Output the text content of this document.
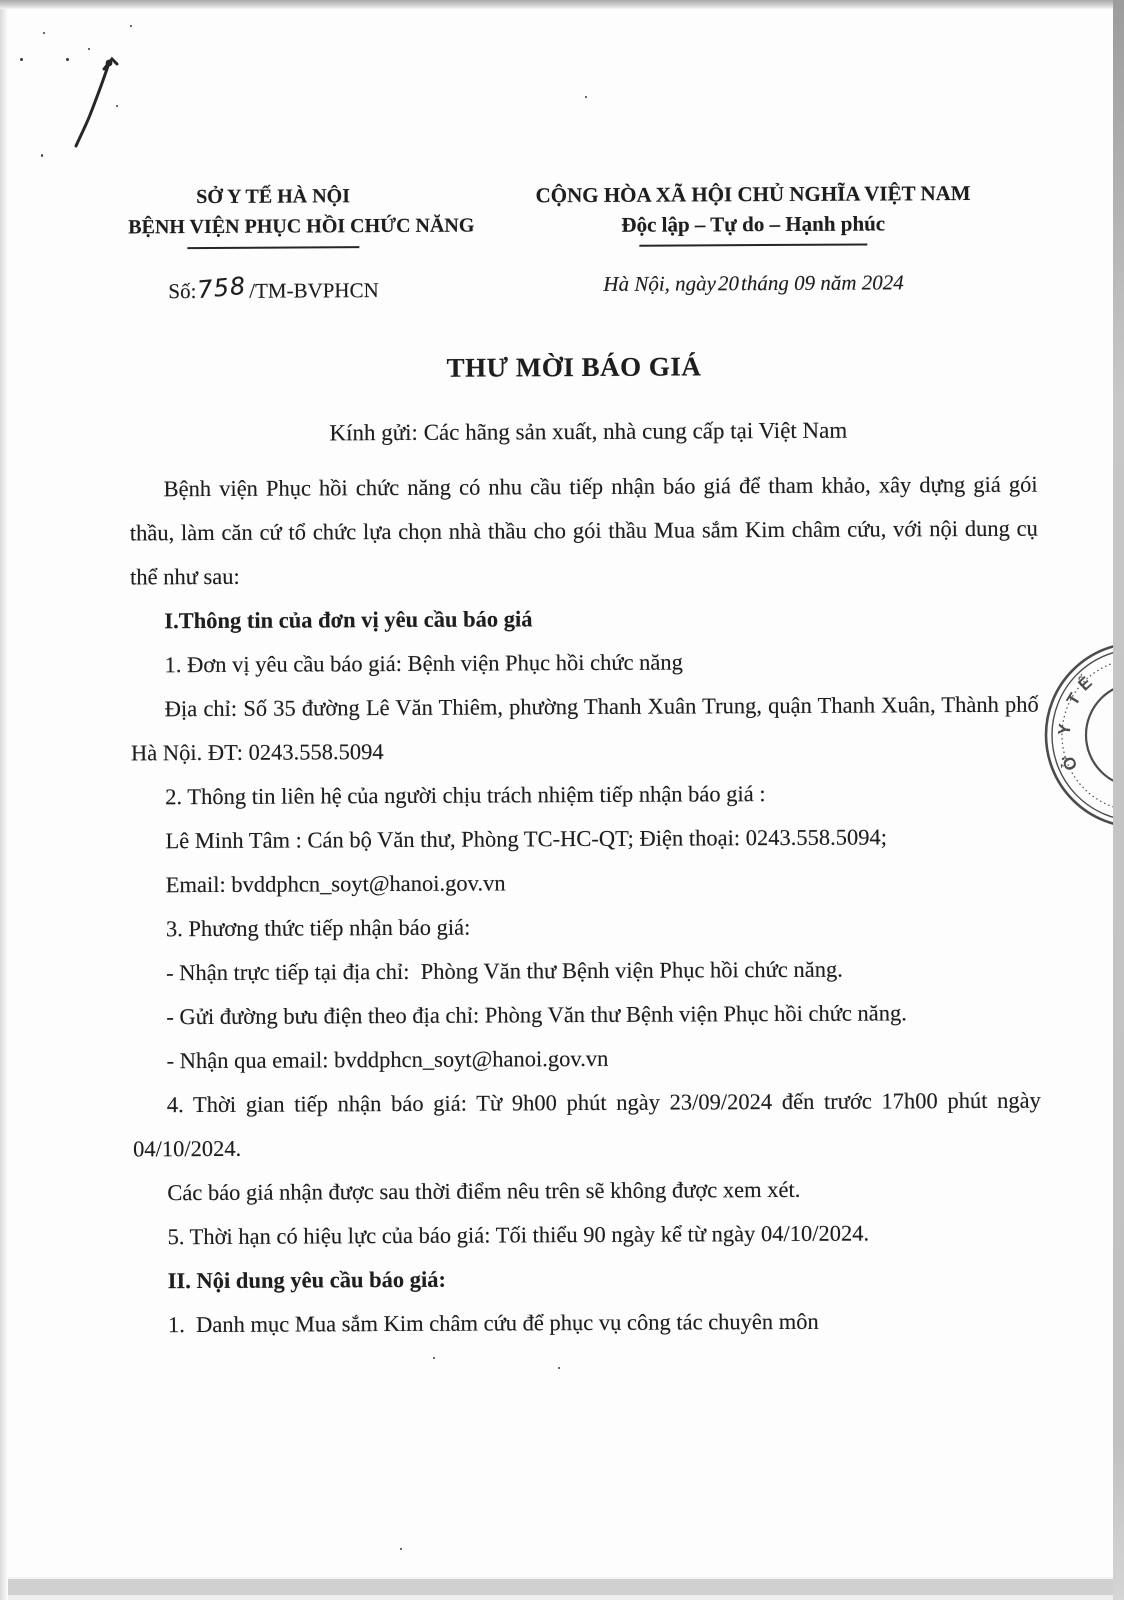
SỞ Y TẾ HÀ NỘI
BỆNH VIỆN PHỤC HỒI CHỨC NĂNG
Số:758/TM-BVPHCN
CỘNG HÒA XÃ HỘI CHỦ NGHĨA VIỆT NAM
Độc lập – Tự do – Hạnh phúc
Hà Nội, ngày20tháng 09 năm 2024
THƯ MỜI BÁO GIÁ
Kính gửi: Các hãng sản xuất, nhà cung cấp tại Việt Nam

Bệnh viện Phục hồi chức năng có nhu cầu tiếp nhận báo giá để tham khảo, xây dựng giá gói thầu, làm căn cứ tổ chức lựa chọn nhà thầu cho gói thầu Mua sắm Kim châm cứu, với nội dung cụ thể như sau:

I.Thông tin của đơn vị yêu cầu báo giá

1. Đơn vị yêu cầu báo giá: Bệnh viện Phục hồi chức năng

Địa chỉ: Số 35 đường Lê Văn Thiêm, phường Thanh Xuân Trung, quận Thanh Xuân, Thành phố Hà Nội. ĐT: 0243.558.5094

2. Thông tin liên hệ của người chịu trách nhiệm tiếp nhận báo giá :

Lê Minh Tâm : Cán bộ Văn thư, Phòng TC-HC-QT; Điện thoại: 0243.558.5094;

Email: bvddphcn_soyt@hanoi.gov.vn

3. Phương thức tiếp nhận báo giá:

- Nhận trực tiếp tại địa chỉ:  Phòng Văn thư Bệnh viện Phục hồi chức năng.

- Gửi đường bưu điện theo địa chỉ: Phòng Văn thư Bệnh viện Phục hồi chức năng.

- Nhận qua email: bvddphcn_soyt@hanoi.gov.vn

4. Thời gian tiếp nhận báo giá: Từ 9h00 phút ngày 23/09/2024 đến trước 17h00 phút ngày 04/10/2024.

Các báo giá nhận được sau thời điểm nêu trên sẽ không được xem xét.

5. Thời hạn có hiệu lực của báo giá: Tối thiểu 90 ngày kể từ ngày 04/10/2024.

II. Nội dung yêu cầu báo giá:

1.  Danh mục Mua sắm Kim châm cứu để phục vụ công tác chuyên môn

Ở Y TẾ
